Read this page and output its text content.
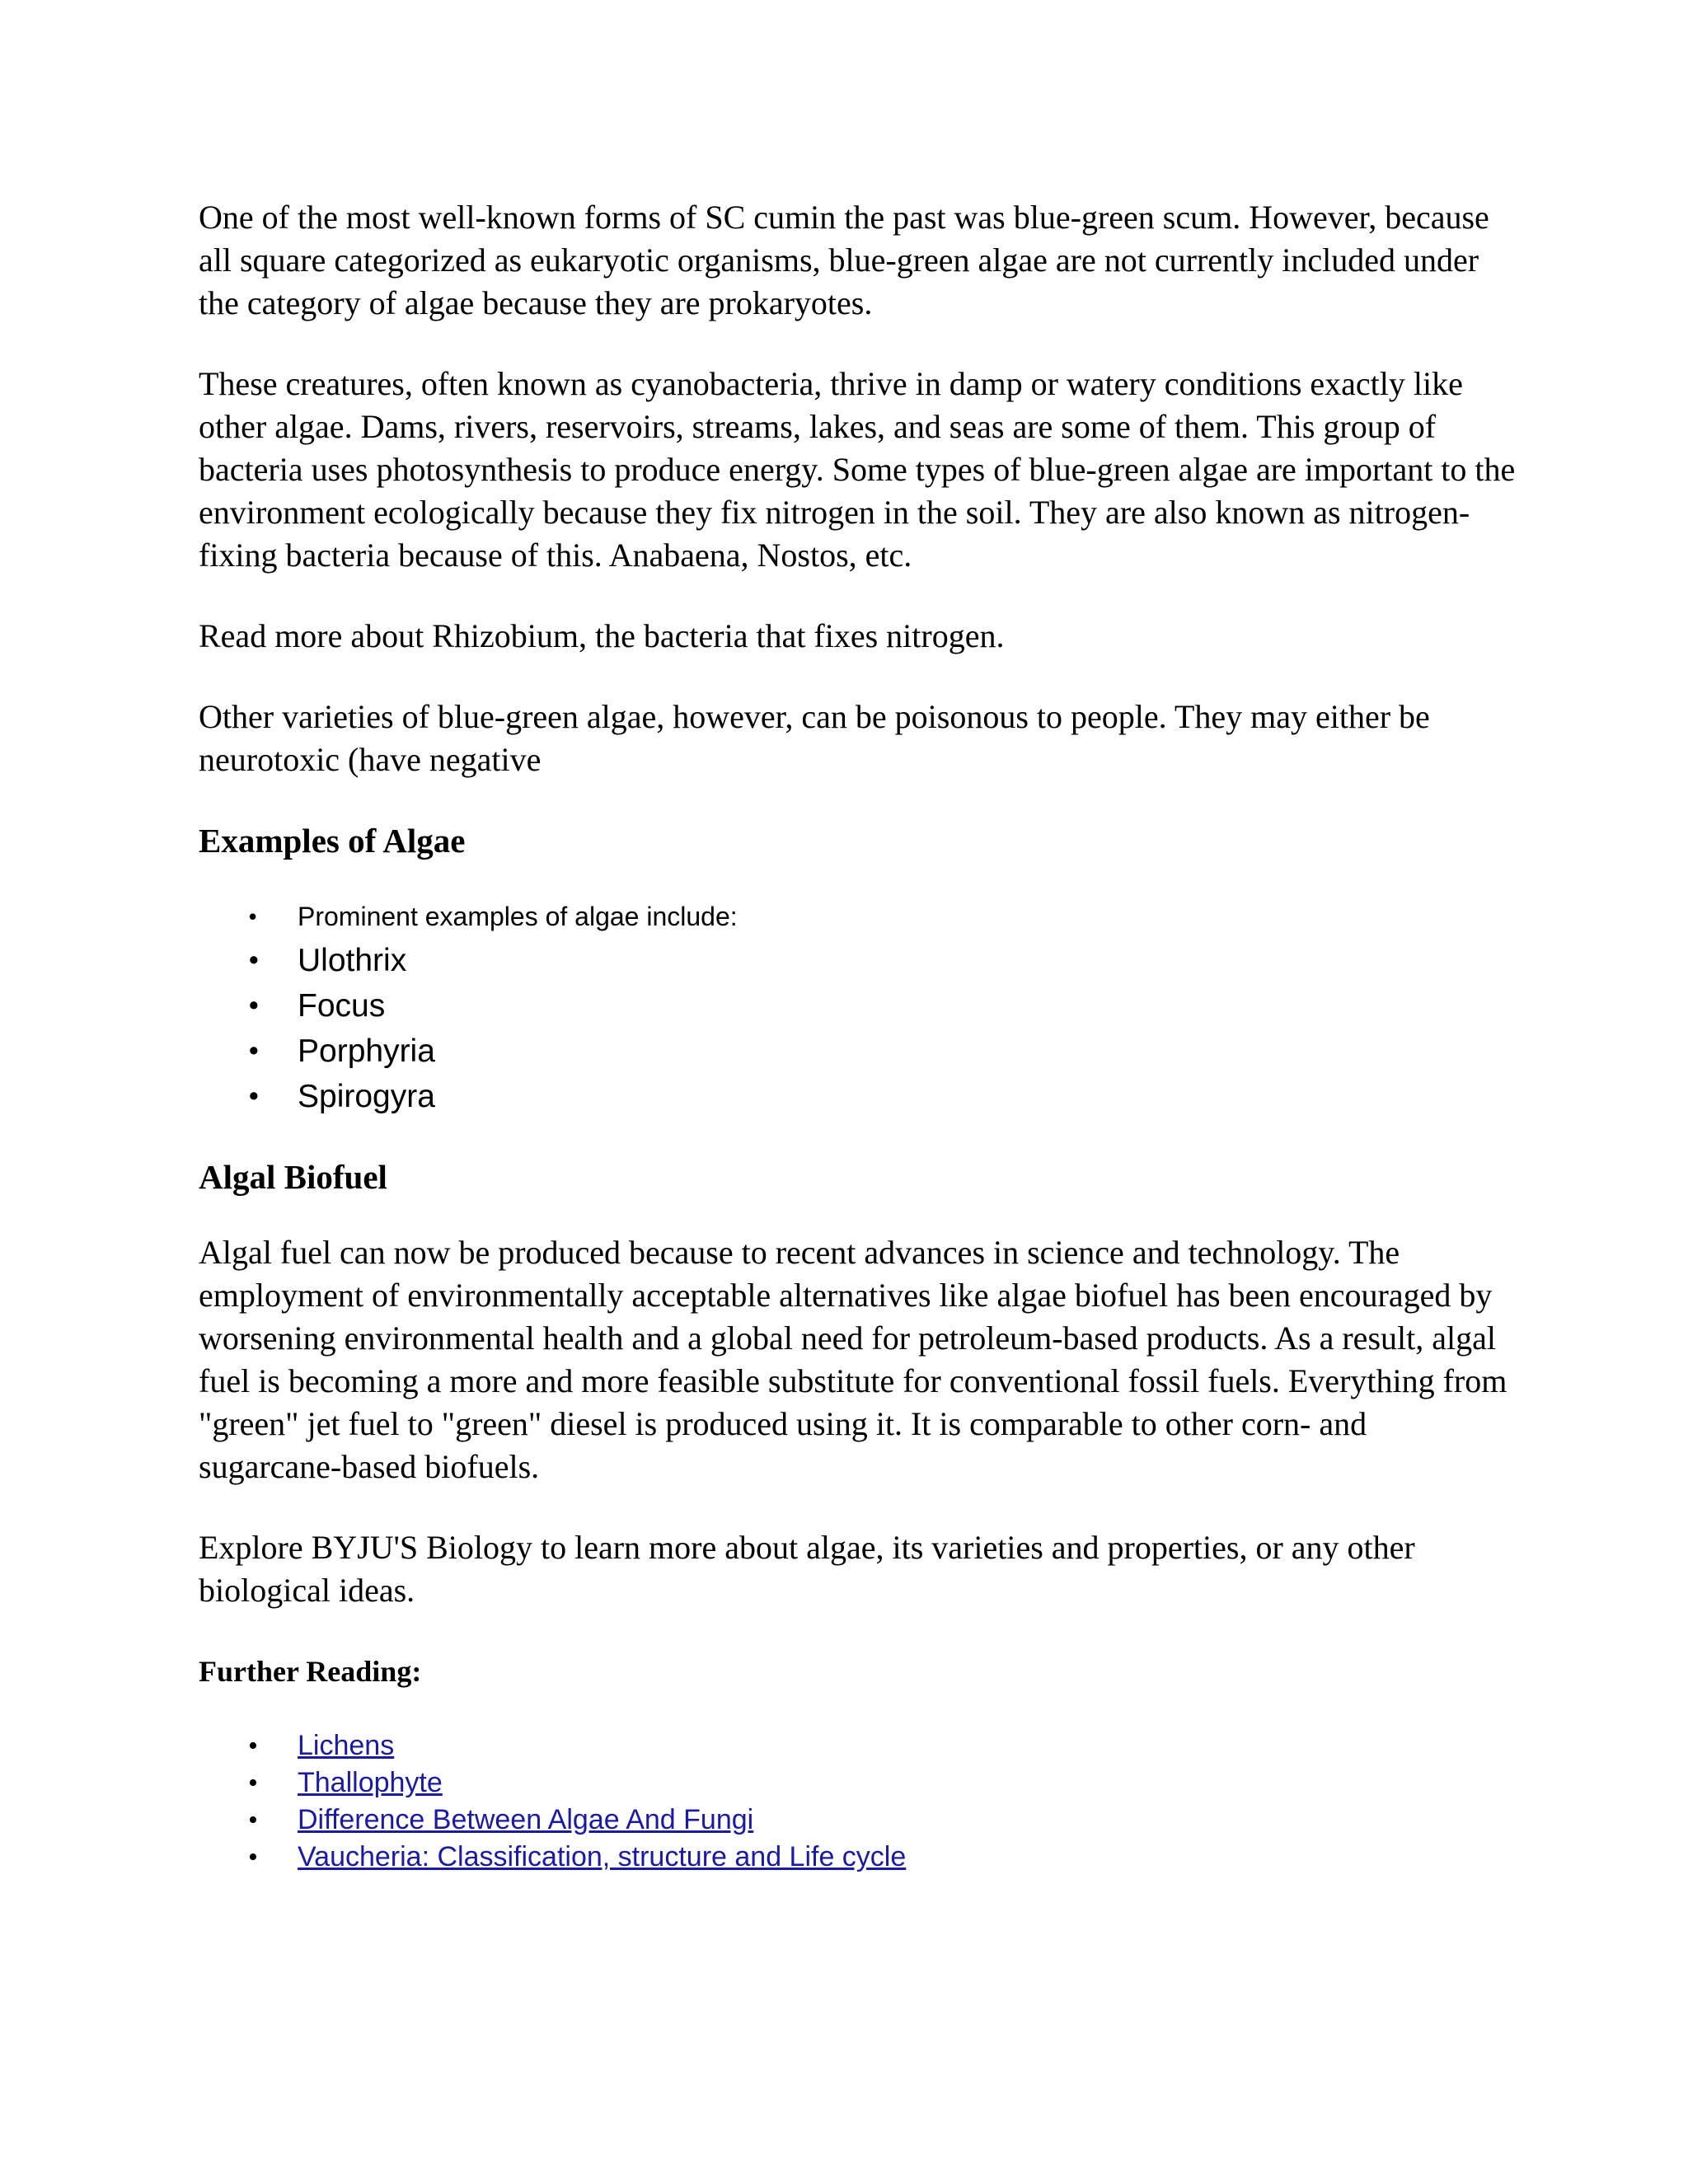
One of the most well-known forms of SC cumin the past was blue-green scum. However, because all square categorized as eukaryotic organisms, blue-green algae are not currently included under the category of algae because they are prokaryotes.

These creatures, often known as cyanobacteria, thrive in damp or watery conditions exactly like other algae. Dams, rivers, reservoirs, streams, lakes, and seas are some of them. This group of bacteria uses photosynthesis to produce energy. Some types of blue-green algae are important to the environment ecologically because they fix nitrogen in the soil. They are also known as nitrogen-fixing bacteria because of this. Anabaena, Nostos, etc.

Read more about Rhizobium, the bacteria that fixes nitrogen.

Other varieties of blue-green algae, however, can be poisonous to people. They may either be neurotoxic (have negative

Examples of Algae
• Prominent examples of algae include:
• Ulothrix
• Focus
• Porphyria
• Spirogyra
Algal Biofuel

Algal fuel can now be produced because to recent advances in science and technology. The employment of environmentally acceptable alternatives like algae biofuel has been encouraged by worsening environmental health and a global need for petroleum-based products. As a result, algal fuel is becoming a more and more feasible substitute for conventional fossil fuels. Everything from "green" jet fuel to "green" diesel is produced using it. It is comparable to other corn- and sugarcane-based biofuels.

Explore BYJU'S Biology to learn more about algae, its varieties and properties, or any other biological ideas.

Further Reading:
• Lichens
• Thallophyte
• Difference Between Algae And Fungi
• Vaucheria: Classification, structure and Life cycle
